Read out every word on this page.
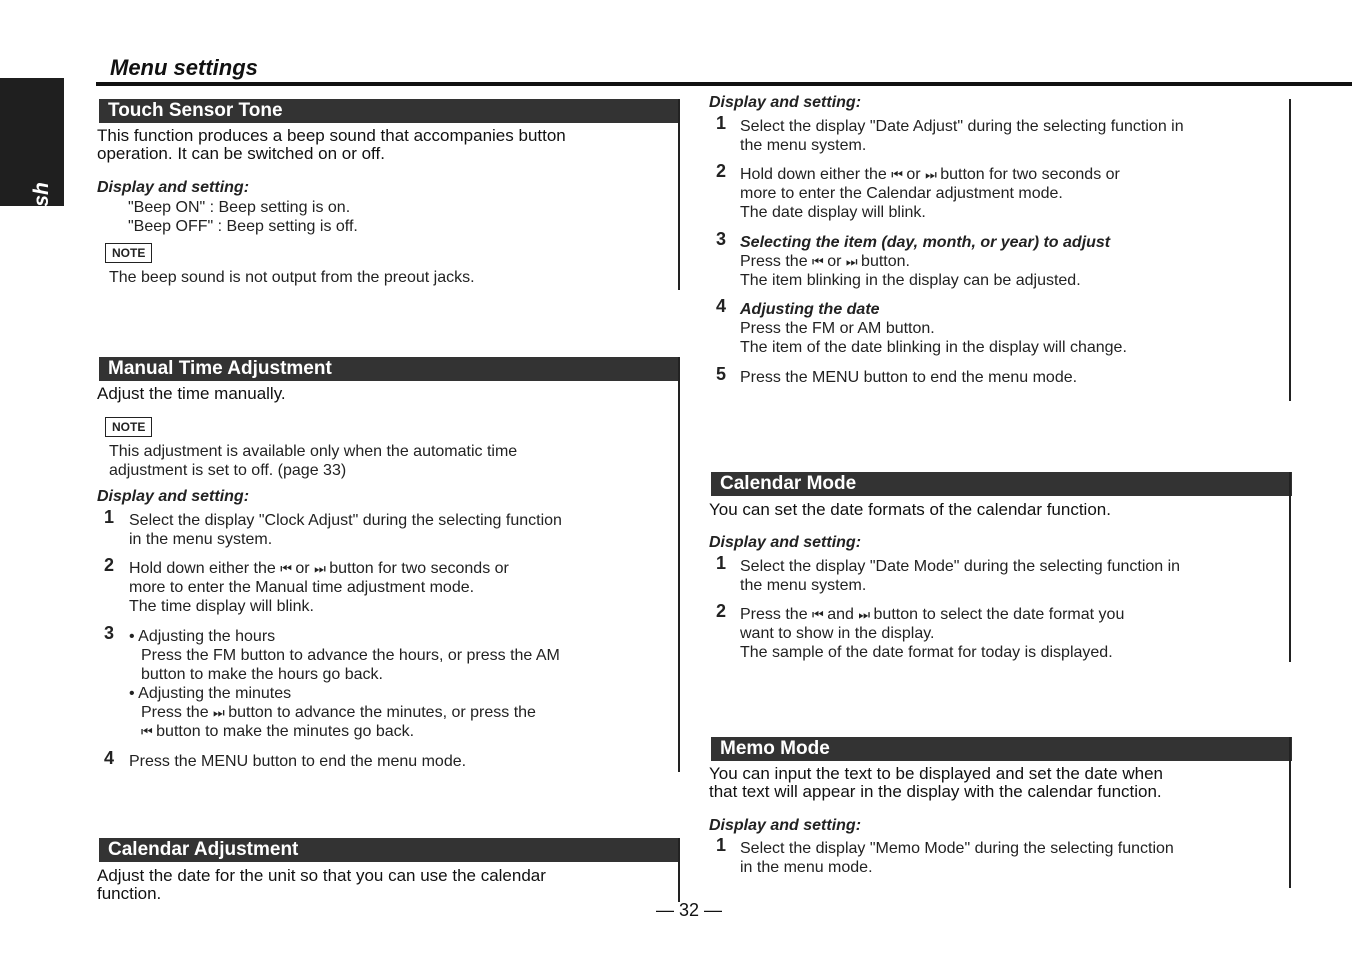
English
Menu settings
Touch Sensor Tone
This function produces a beep sound that accompanies button
operation. It can be switched on or off.
Display and setting:
"Beep ON" : Beep setting is on.
"Beep OFF" : Beep setting is off.
NOTE
The beep sound is not output from the preout jacks.
Manual Time Adjustment
Adjust the time manually.
NOTE
This adjustment is available only when the automatic time
adjustment is set to off. (page 33)
Display and setting:
1 Select the display "Clock Adjust" during the selecting function
in the menu system.
2 Hold down either the ⏮ or ⏭ button for two seconds or
more to enter the Manual time adjustment mode.
The time display will blink.
3 • Adjusting the hours
Press the FM button to advance the hours, or press the AM
button to make the hours go back.
• Adjusting the minutes
Press the ⏭ button to advance the minutes, or press the
⏮ button to make the minutes go back.
4 Press the MENU button to end the menu mode.
Calendar Adjustment
Adjust the date for the unit so that you can use the calendar
function.
Display and setting:
1 Select the display "Date Adjust" during the selecting function in
the menu system.
2 Hold down either the ⏮ or ⏭ button for two seconds or
more to enter the Calendar adjustment mode.
The date display will blink.
3 Selecting the item (day, month, or year) to adjust
Press the ⏮ or ⏭ button.
The item blinking in the display can be adjusted.
4 Adjusting the date
Press the FM or AM button.
The item of the date blinking in the display will change.
5 Press the MENU button to end the menu mode.
Calendar Mode
You can set the date formats of the calendar function.
Display and setting:
1 Select the display "Date Mode" during the selecting function in
the menu system.
2 Press the ⏮ and ⏭ button to select the date format you
want to show in the display.
The sample of the date format for today is displayed.
Memo Mode
You can input the text to be displayed and set the date when
that text will appear in the display with the calendar function.
Display and setting:
1 Select the display "Memo Mode" during the selecting function
in the menu mode.
— 32 —
